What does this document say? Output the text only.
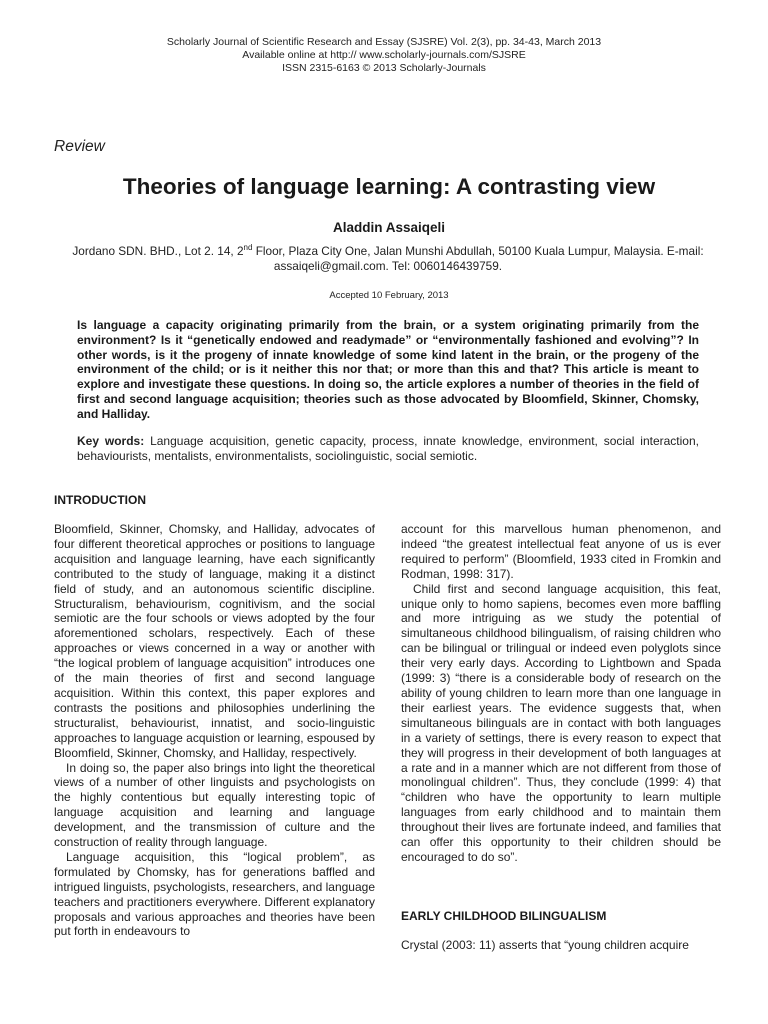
Scholarly Journal of Scientific Research and Essay (SJSRE) Vol. 2(3), pp. 34-43, March 2013
Available online at http:// www.scholarly-journals.com/SJSRE
ISSN 2315-6163 © 2013 Scholarly-Journals
Review
Theories of language learning: A contrasting view
Aladdin Assaiqeli
Jordano SDN. BHD., Lot 2. 14, 2nd Floor, Plaza City One, Jalan Munshi Abdullah, 50100 Kuala Lumpur, Malaysia. E-mail: assaiqeli@gmail.com. Tel: 0060146439759.
Accepted 10 February, 2013
Is language a capacity originating primarily from the brain, or a system originating primarily from the environment? Is it “genetically endowed and readymade” or “environmentally fashioned and evolving”? In other words, is it the progeny of innate knowledge of some kind latent in the brain, or the progeny of the environment of the child; or is it neither this nor that; or more than this and that? This article is meant to explore and investigate these questions. In doing so, the article explores a number of theories in the field of first and second language acquisition; theories such as those advocated by Bloomfield, Skinner, Chomsky, and Halliday.
Key words: Language acquisition, genetic capacity, process, innate knowledge, environment, social interaction, behaviourists, mentalists, environmentalists, sociolinguistic, social semiotic.
INTRODUCTION

Bloomfield, Skinner, Chomsky, and Halliday, advocates of four different theoretical approches or positions to language acquisition and language learning, have each significantly contributed to the study of language, making it a distinct field of study, and an autonomous scientific discipline. Structuralism, behaviourism, cognitivism, and the social semiotic are the four schools or views adopted by the four aforementioned scholars, respectively. Each of these approaches or views concerned in a way or another with “the logical problem of language acquisition” introduces one of the main theories of first and second language acquisition. Within this context, this paper explores and contrasts the positions and philosophies underlining the structuralist, behaviourist, innatist, and socio-linguistic approaches to language acquistion or learning, espoused by Bloomfield, Skinner, Chomsky, and Halliday, respectively.

In doing so, the paper also brings into light the theoretical views of a number of other linguists and psychologists on the highly contentious but equally interesting topic of language acquisition and learning and language development, and the transmission of culture and the construction of reality through language.

Language acquisition, this “logical problem”, as formulated by Chomsky, has for generations baffled and intrigued linguists, psychologists, researchers, and language teachers and practitioners everywhere. Different explanatory proposals and various approaches and theories have been put forth in endeavours to

account for this marvellous human phenomenon, and indeed “the greatest intellectual feat anyone of us is ever required to perform” (Bloomfield, 1933 cited in Fromkin and Rodman, 1998: 317).

Child first and second language acquisition, this feat, unique only to homo sapiens, becomes even more baffling and more intriguing as we study the potential of simultaneous childhood bilingualism, of raising children who can be bilingual or trilingual or indeed even polyglots since their very early days. According to Lightbown and Spada (1999: 3) “there is a considerable body of research on the ability of young children to learn more than one language in their earliest years. The evidence suggests that, when simultaneous bilinguals are in contact with both languages in a variety of settings, there is every reason to expect that they will progress in their development of both languages at a rate and in a manner which are not different from those of monolingual children”. Thus, they conclude (1999: 4) that “children who have the opportunity to learn multiple languages from early childhood and to maintain them throughout their lives are fortunate indeed, and families that can offer this opportunity to their children should be encouraged to do so”.

EARLY CHILDHOOD BILINGUALISM
Crystal (2003: 11) asserts that “young children acquire
